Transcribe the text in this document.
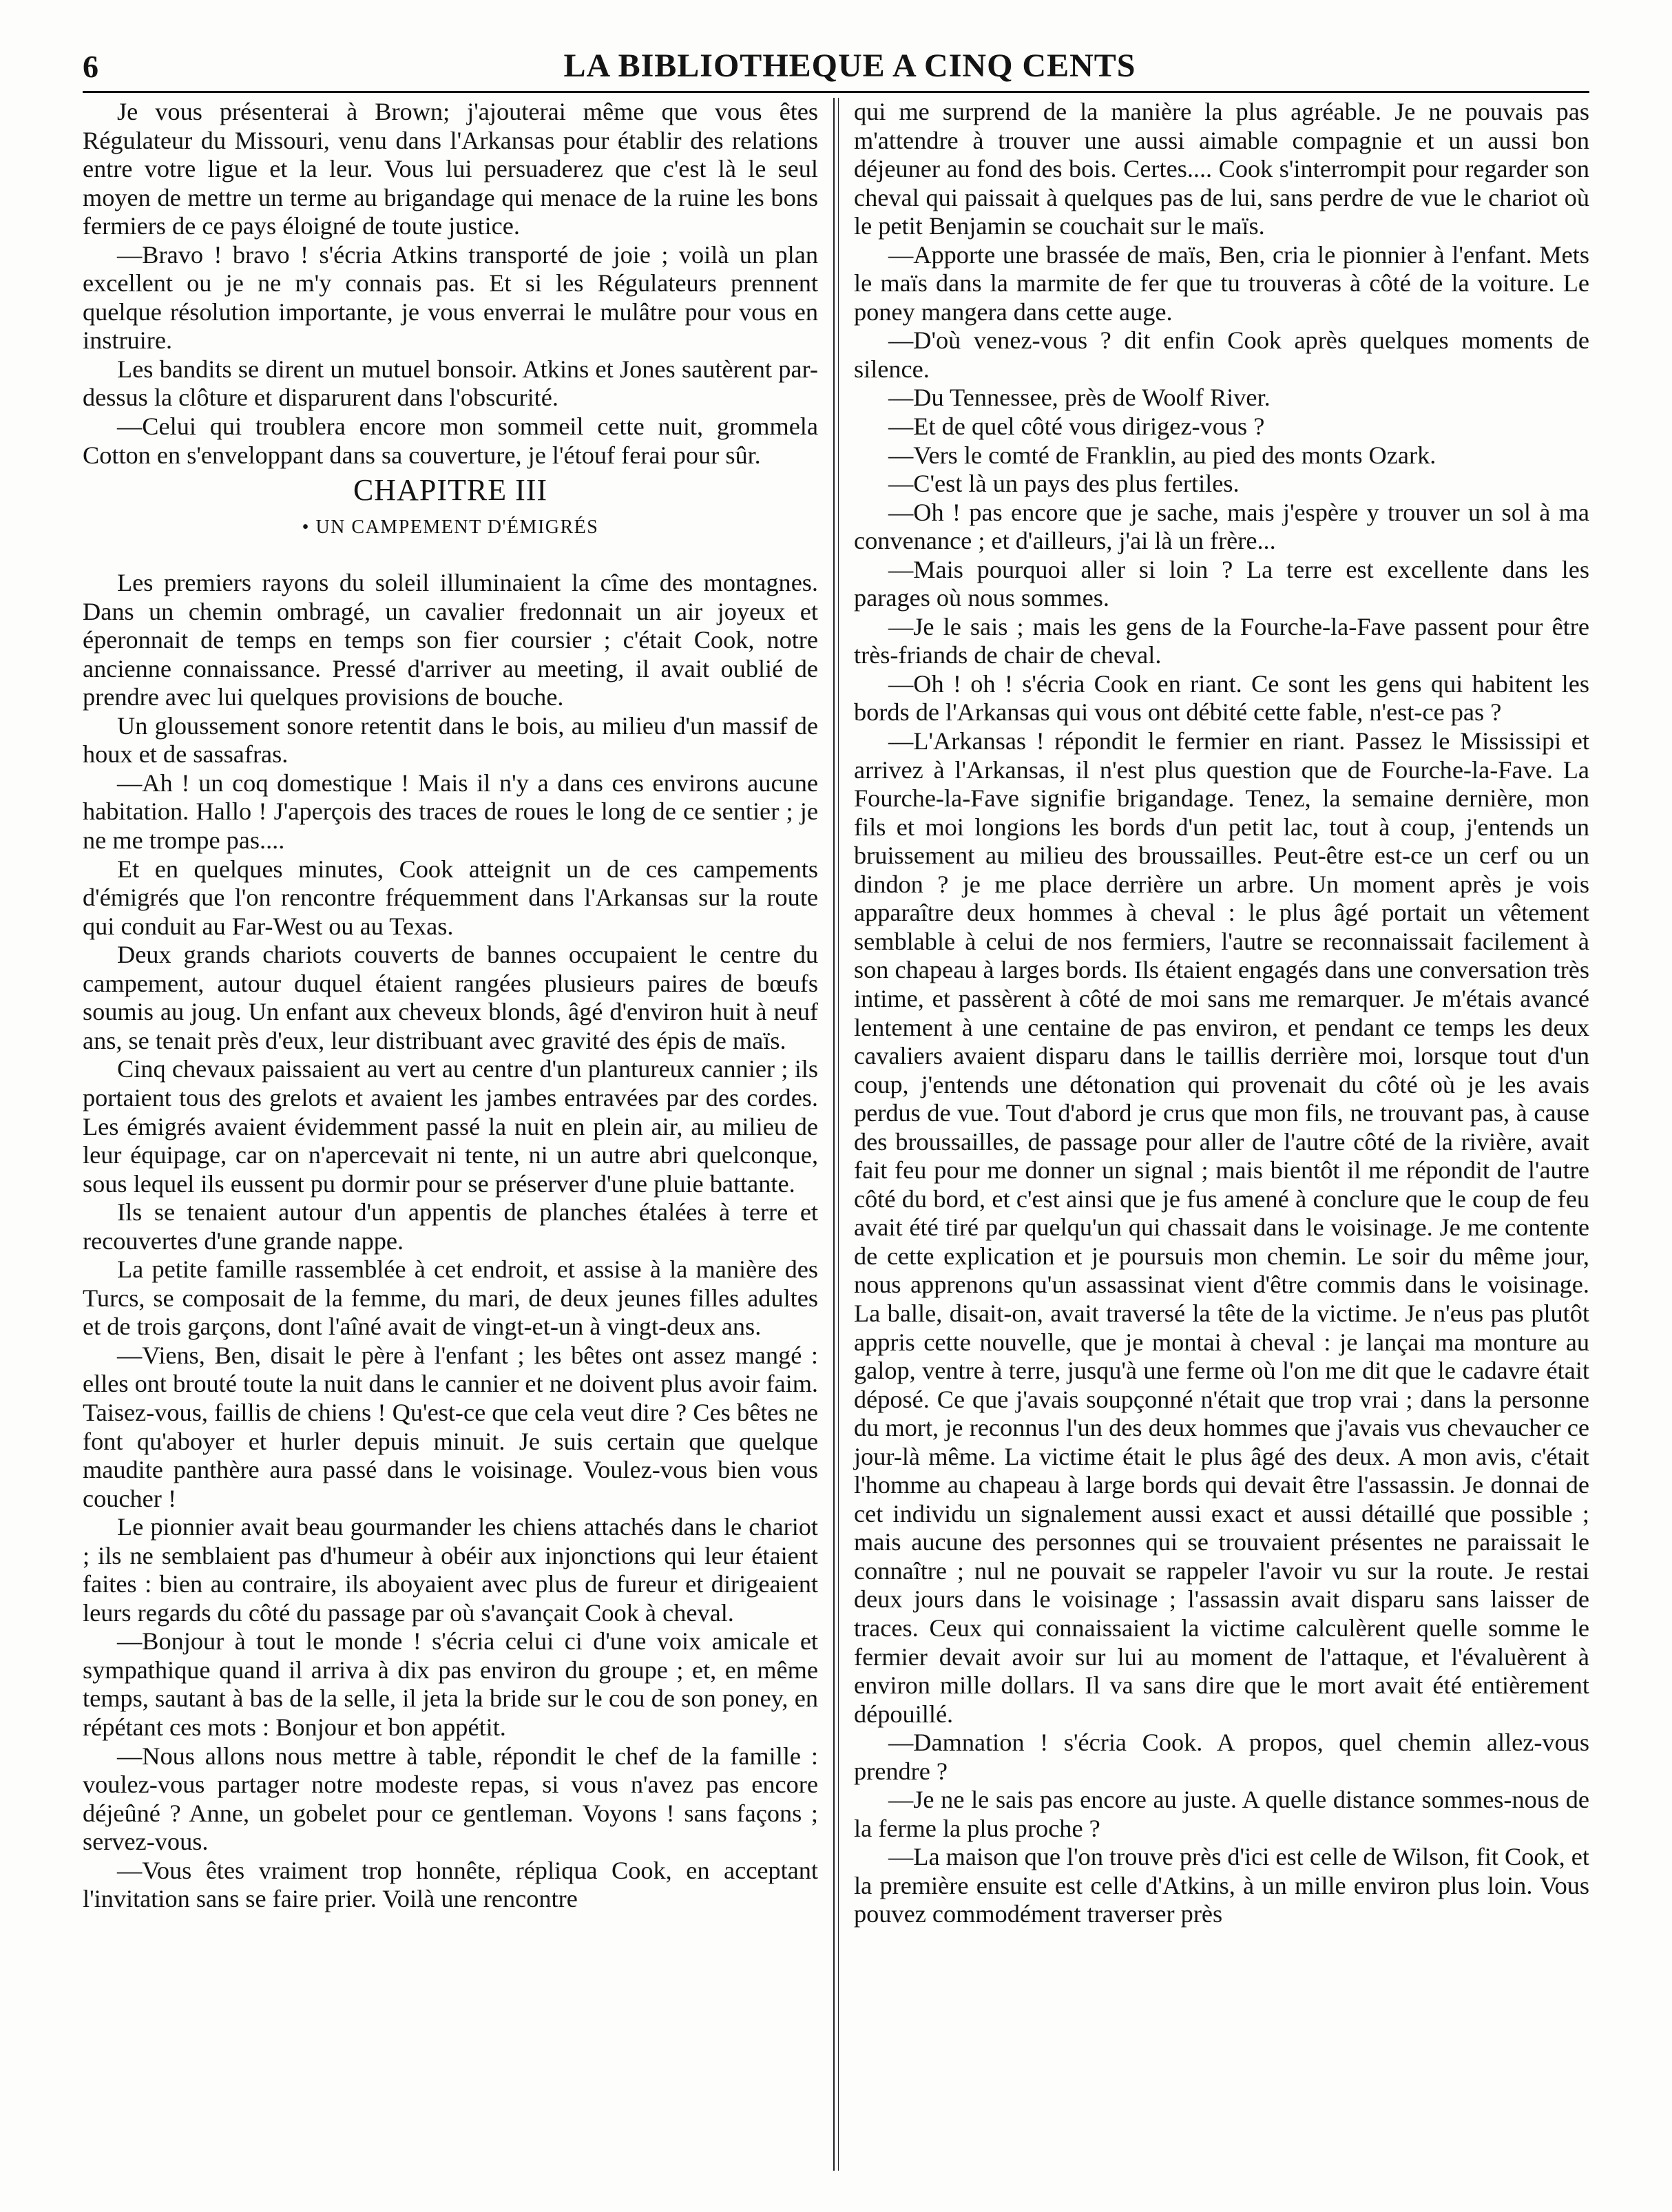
6	LA BIBLIOTHEQUE A CINQ CENTS

Je vous présenterai à Brown; j'ajouterai même que vous êtes Régulateur du Missouri, venu dans l'Arkansas pour établir des relations entre votre ligue et la leur. Vous lui persuaderez que c'est là le seul moyen de mettre un terme au brigandage qui menace de la ruine les bons fermiers de ce pays éloigné de toute justice.

—Bravo ! bravo ! s'écria Atkins transporté de joie ; voilà un plan excellent ou je ne m'y connais pas. Et si les Régulateurs prennent quelque résolution importante, je vous enverrai le mulâtre pour vous en instruire.

Les bandits se dirent un mutuel bonsoir. Atkins et Jones sautèrent par-dessus la clôture et disparurent dans l'obscurité.

—Celui qui troublera encore mon sommeil cette nuit, grommela Cotton en s'enveloppant dans sa couverture, je l'étouf ferai pour sûr.

CHAPITRE III
• UN CAMPEMENT D'ÉMIGRÉS

Les premiers rayons du soleil illuminaient la cîme des montagnes. Dans un chemin ombragé, un cavalier fredonnait un air joyeux et éperonnait de temps en temps son fier coursier ; c'était Cook, notre ancienne connaissance. Pressé d'arriver au meeting, il avait oublié de prendre avec lui quelques provisions de bouche.

Un gloussement sonore retentit dans le bois, au milieu d'un massif de houx et de sassafras.

—Ah ! un coq domestique ! Mais il n'y a dans ces environs aucune habitation. Hallo ! J'aperçois des traces de roues le long de ce sentier ; je ne me trompe pas....

Et en quelques minutes, Cook atteignit un de ces campements d'émigrés que l'on rencontre fréquemment dans l'Arkansas sur la route qui conduit au Far-West ou au Texas.

Deux grands chariots couverts de bannes occupaient le centre du campement, autour duquel étaient rangées plusieurs paires de bœufs soumis au joug. Un enfant aux cheveux blonds, âgé d'environ huit à neuf ans, se tenait près d'eux, leur distribuant avec gravité des épis de maïs.

Cinq chevaux paissaient au vert au centre d'un plantureux cannier ; ils portaient tous des grelots et avaient les jambes entravées par des cordes. Les émigrés avaient évidemment passé la nuit en plein air, au milieu de leur équipage, car on n'apercevait ni tente, ni un autre abri quelconque, sous lequel ils eussent pu dormir pour se préserver d'une pluie battante.

Ils se tenaient autour d'un appentis de planches étalées à terre et recouvertes d'une grande nappe.

La petite famille rassemblée à cet endroit, et assise à la manière des Turcs, se composait de la femme, du mari, de deux jeunes filles adultes et de trois garçons, dont l'aîné avait de vingt-et-un à vingt-deux ans.

—Viens, Ben, disait le père à l'enfant ; les bêtes ont assez mangé : elles ont brouté toute la nuit dans le cannier et ne doivent plus avoir faim. Taisez-vous, faillis de chiens ! Qu'est-ce que cela veut dire ? Ces bêtes ne font qu'aboyer et hurler depuis minuit. Je suis certain que quelque maudite panthère aura passé dans le voisinage. Voulez-vous bien vous coucher !

Le pionnier avait beau gourmander les chiens attachés dans le chariot ; ils ne semblaient pas d'humeur à obéir aux injonctions qui leur étaient faites : bien au contraire, ils aboyaient avec plus de fureur et dirigeaient leurs regards du côté du passage par où s'avançait Cook à cheval.

—Bonjour à tout le monde ! s'écria celui ci d'une voix amicale et sympathique quand il arriva à dix pas environ du groupe ; et, en même temps, sautant à bas de la selle, il jeta la bride sur le cou de son poney, en répétant ces mots : Bonjour et bon appétit.

—Nous allons nous mettre à table, répondit le chef de la famille : voulez-vous partager notre modeste repas, si vous n'avez pas encore déjeûné ? Anne, un gobelet pour ce gentleman. Voyons ! sans façons ; servez-vous.

—Vous êtes vraiment trop honnête, répliqua Cook, en acceptant l'invitation sans se faire prier. Voilà une rencontre

qui me surprend de la manière la plus agréable. Je ne pouvais pas m'attendre à trouver une aussi aimable compagnie et un aussi bon déjeuner au fond des bois. Certes.... Cook s'interrompit pour regarder son cheval qui paissait à quelques pas de lui, sans perdre de vue le chariot où le petit Benjamin se couchait sur le maïs.

—Apporte une brassée de maïs, Ben, cria le pionnier à l'enfant. Mets le maïs dans la marmite de fer que tu trouveras à côté de la voiture. Le poney mangera dans cette auge.

—D'où venez-vous ? dit enfin Cook après quelques moments de silence.

—Du Tennessee, près de Woolf River.

—Et de quel côté vous dirigez-vous ?

—Vers le comté de Franklin, au pied des monts Ozark.

—C'est là un pays des plus fertiles.

—Oh ! pas encore que je sache, mais j'espère y trouver un sol à ma convenance ; et d'ailleurs, j'ai là un frère...

—Mais pourquoi aller si loin ? La terre est excellente dans les parages où nous sommes.

—Je le sais ; mais les gens de la Fourche-la-Fave passent pour être très-friands de chair de cheval.

—Oh ! oh ! s'écria Cook en riant. Ce sont les gens qui habitent les bords de l'Arkansas qui vous ont débité cette fable, n'est-ce pas ?

—L'Arkansas ! répondit le fermier en riant. Passez le Mississipi et arrivez à l'Arkansas, il n'est plus question que de Fourche-la-Fave. La Fourche-la-Fave signifie brigandage. Tenez, la semaine dernière, mon fils et moi longions les bords d'un petit lac, tout à coup, j'entends un bruissement au milieu des broussailles. Peut-être est-ce un cerf ou un dindon ? je me place derrière un arbre. Un moment après je vois apparaître deux hommes à cheval : le plus âgé portait un vêtement semblable à celui de nos fermiers, l'autre se reconnaissait facilement à son chapeau à larges bords. Ils étaient engagés dans une conversation très intime, et passèrent à côté de moi sans me remarquer. Je m'étais avancé lentement à une centaine de pas environ, et pendant ce temps les deux cavaliers avaient disparu dans le taillis derrière moi, lorsque tout d'un coup, j'entends une détonation qui provenait du côté où je les avais perdus de vue. Tout d'abord je crus que mon fils, ne trouvant pas, à cause des broussailles, de passage pour aller de l'autre côté de la rivière, avait fait feu pour me donner un signal ; mais bientôt il me répondit de l'autre côté du bord, et c'est ainsi que je fus amené à conclure que le coup de feu avait été tiré par quelqu'un qui chassait dans le voisinage. Je me contente de cette explication et je poursuis mon chemin. Le soir du même jour, nous apprenons qu'un assassinat vient d'être commis dans le voisinage. La balle, disait-on, avait traversé la tête de la victime. Je n'eus pas plutôt appris cette nouvelle, que je montai à cheval : je lançai ma monture au galop, ventre à terre, jusqu'à une ferme où l'on me dit que le cadavre était déposé. Ce que j'avais soupçonné n'était que trop vrai ; dans la personne du mort, je reconnus l'un des deux hommes que j'avais vus chevaucher ce jour-là même. La victime était le plus âgé des deux. A mon avis, c'était l'homme au chapeau à large bords qui devait être l'assassin. Je donnai de cet individu un signalement aussi exact et aussi détaillé que possible ; mais aucune des personnes qui se trouvaient présentes ne paraissait le connaître ; nul ne pouvait se rappeler l'avoir vu sur la route. Je restai deux jours dans le voisinage ; l'assassin avait disparu sans laisser de traces. Ceux qui connaissaient la victime calculèrent quelle somme le fermier devait avoir sur lui au moment de l'attaque, et l'évaluèrent à environ mille dollars. Il va sans dire que le mort avait été entièrement dépouillé.

—Damnation ! s'écria Cook. A propos, quel chemin allez-vous prendre ?

—Je ne le sais pas encore au juste. A quelle distance sommes-nous de la ferme la plus proche ?

—La maison que l'on trouve près d'ici est celle de Wilson, fit Cook, et la première ensuite est celle d'Atkins, à un mille environ plus loin. Vous pouvez commodément traverser près
